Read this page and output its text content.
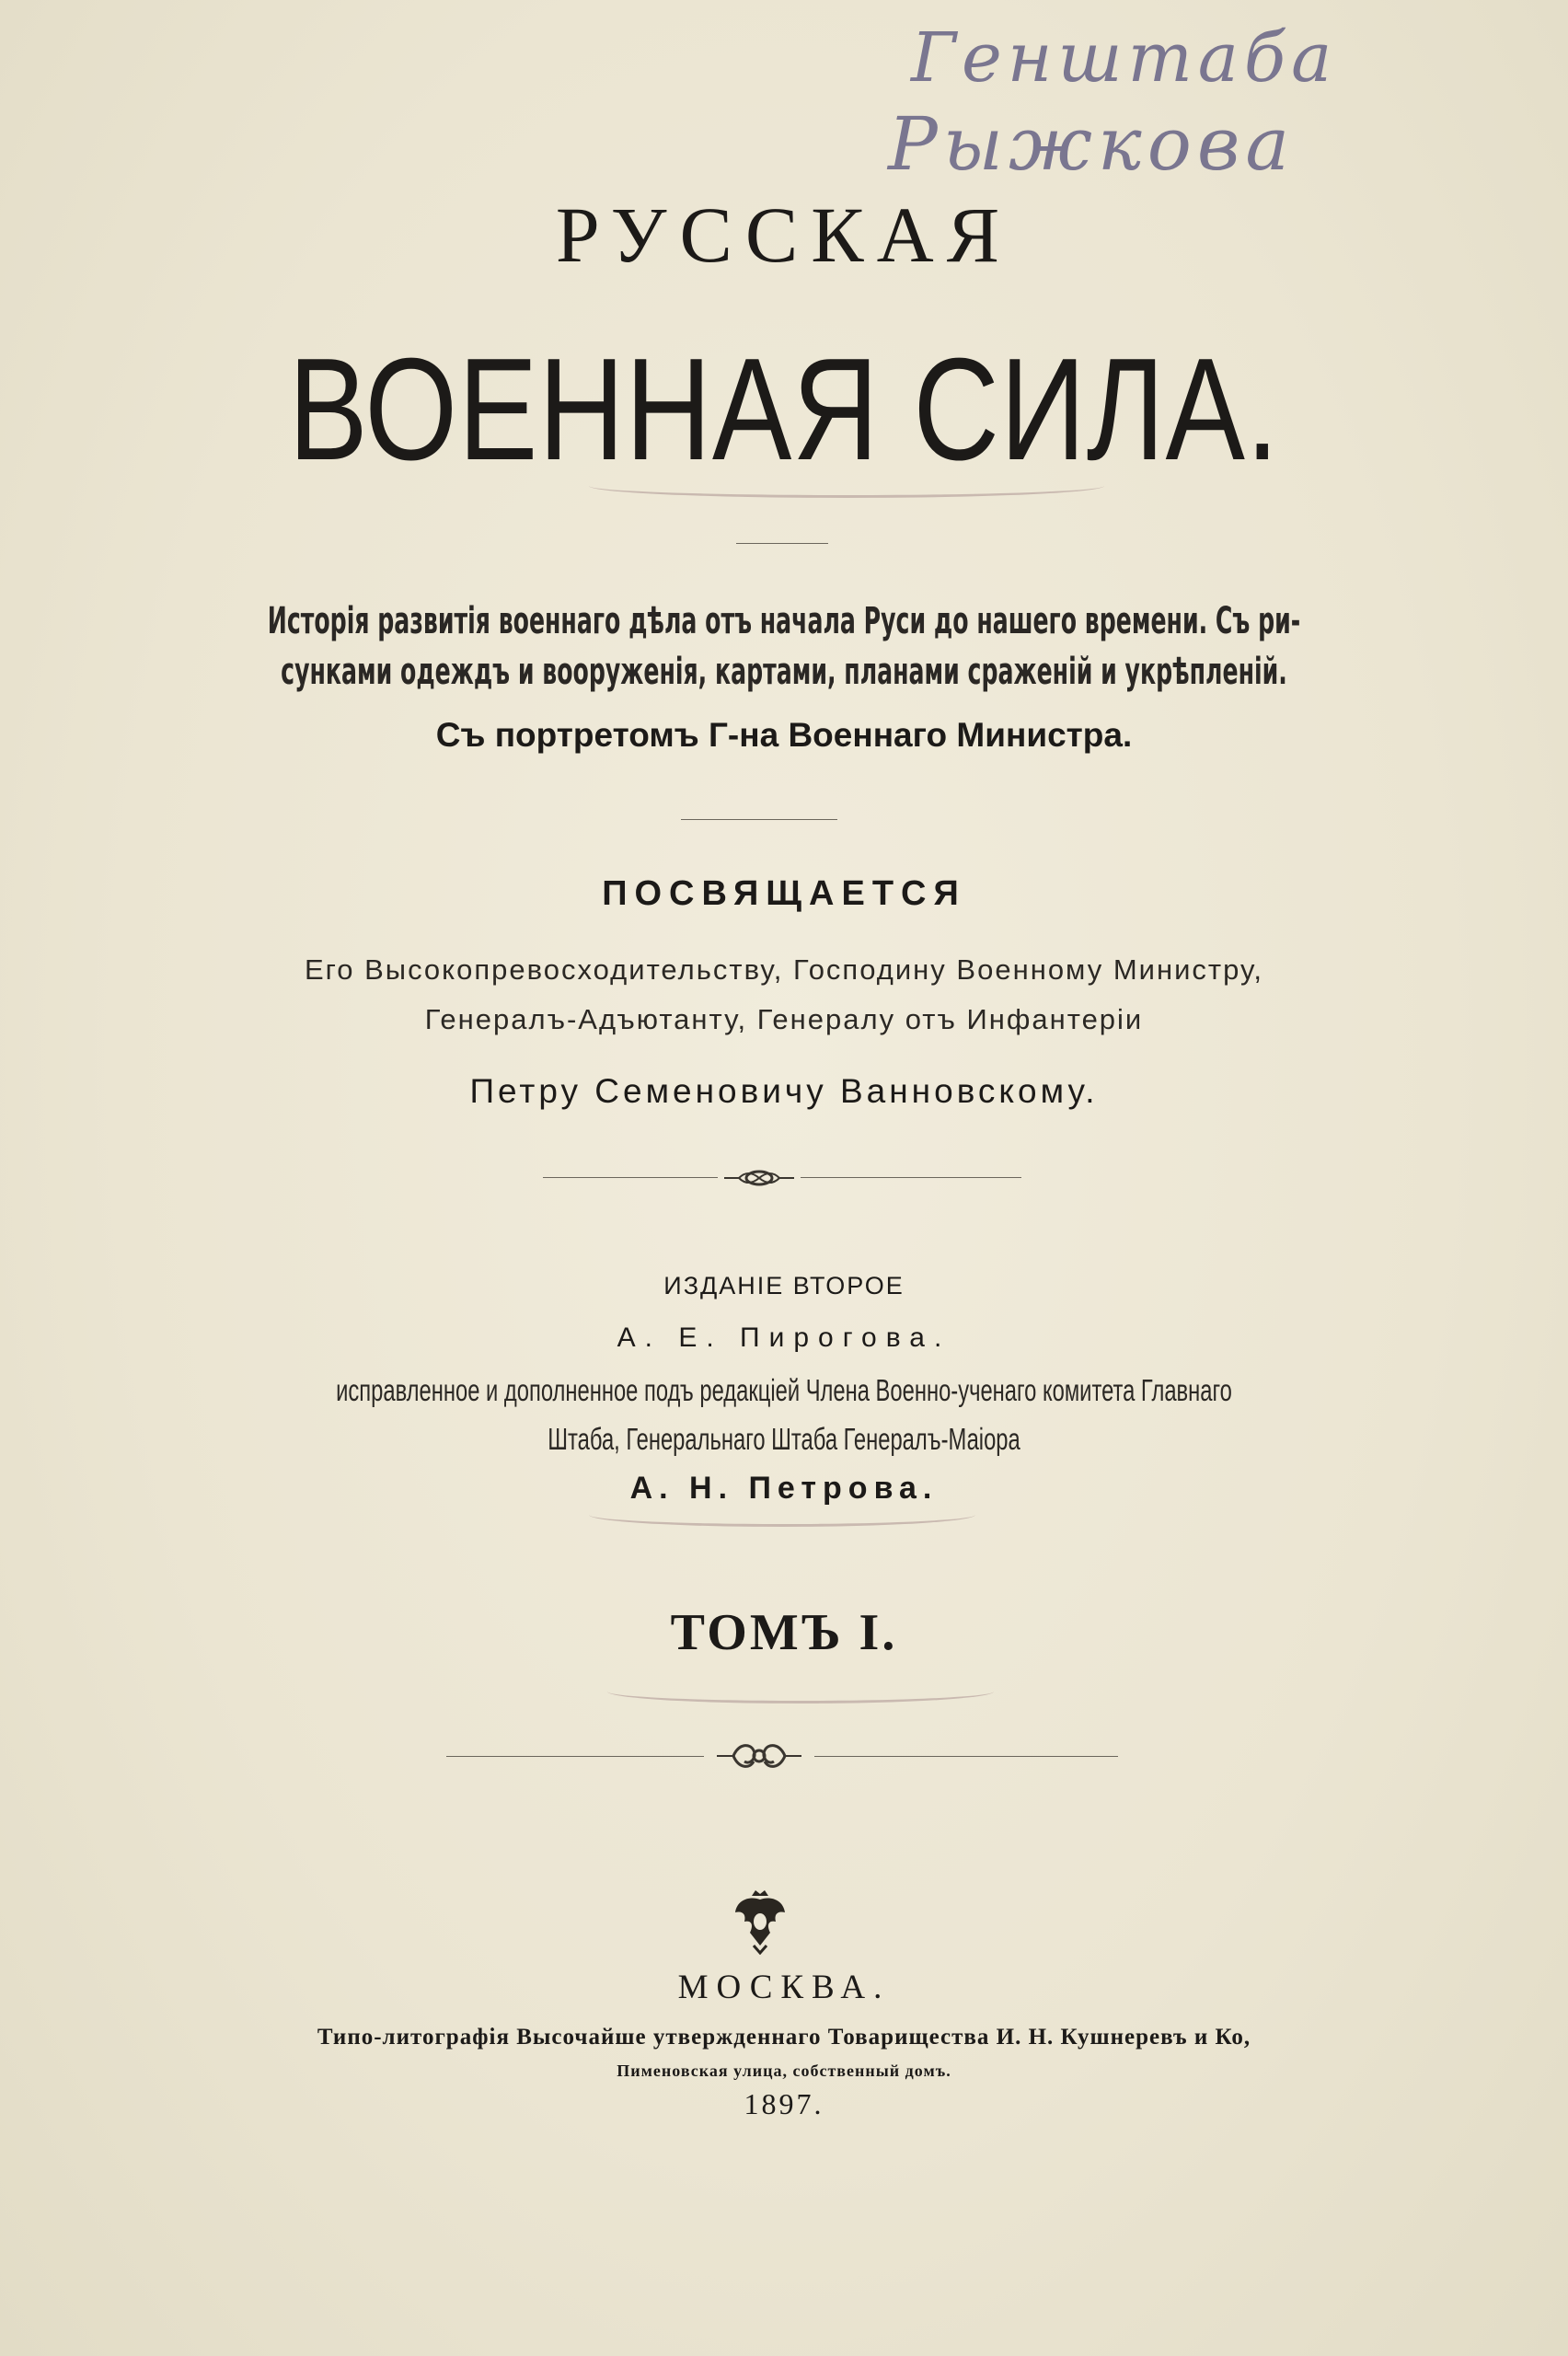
Генштаба
Рыжкова
РУССКАЯ
ВОЕННАЯ СИЛА.
Исторія развитія военнаго дѣла отъ начала Руси до нашего времени. Съ ри-
сунками одеждъ и вооруженія, картами, планами сраженій и укрѣпленій.
Съ портретомъ Г-на Военнаго Министра.
ПОСВЯЩАЕТСЯ
Его Высокопревосходительству, Господину Военному Министру,
Генералъ-Адъютанту, Генералу отъ Инфантеріи
Петру Семеновичу Ванновскому.
ИЗДАНІЕ ВТОРОЕ
А. Е. Пирогова.
исправленное и дополненное подъ редакціей Члена Военно-ученаго комитета Главнаго
Штаба, Генеральнаго Штаба Генералъ-Маіора
А. Н. Петрова.
ТОМЪ I.
МОСКВА.
Типо-литографія Высочайше утвержденнаго Товарищества И. Н. Кушнеревъ и Ко,
Пименовская улица, собственный домъ.
1897.
